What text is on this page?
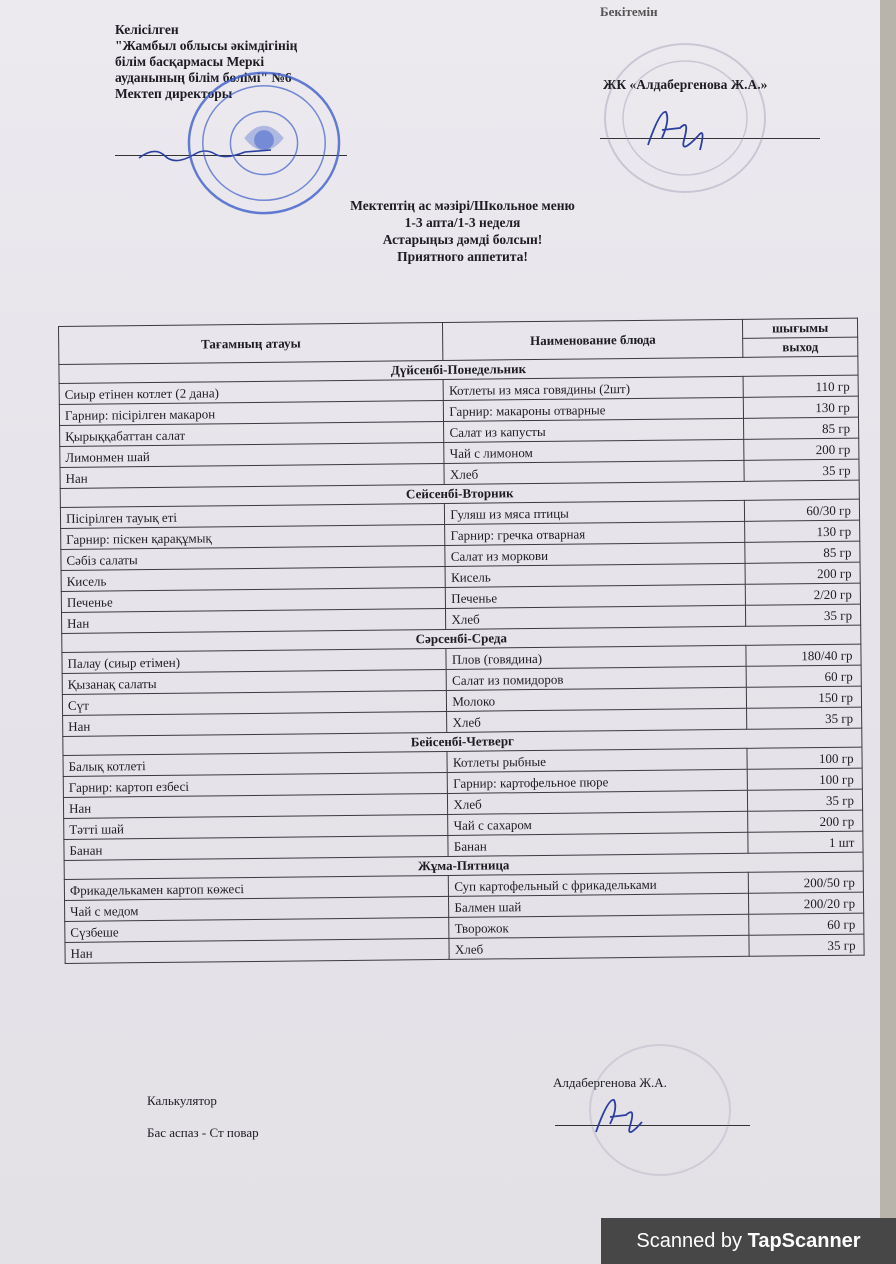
Келісілген
"Жамбыл облысы әкімдігінің
білім басқармасы Меркі
ауданының білім бөлімі" №6
Мектеп директоры
Бекітемін
ЖК «Алдабергенова Ж.А.»
Мектептің ас мәзірі/Школьное меню
1-3 апта/1-3 неделя
Астарыңыз дәмді болсын!
Приятного аппетита!
Тағамның атауы	Наименование блюда	шығымы
		выход
Дүйсенбі-Понедельник		
Сиыр етінен котлет (2 дана)	Котлеты из мяса говядины (2шт)	110 гр
Гарнир: пісірілген макарон	Гарнир: макароны отварные	130 гр
Қырыққабаттан салат	Салат из капусты	85 гр
Лимонмен шай	Чай с лимоном	200 гр
Нан	Хлеб	35 гр
Сейсенбі-Вторник		
Пісірілген тауық еті	Гуляш из мяса птицы	60/30 гр
Гарнир: піскен қарақұмық	Гарнир: гречка отварная	130 гр
Сәбіз салаты	Салат из моркови	85 гр
Кисель	Кисель	200 гр
Печенье	Печенье	2/20 гр
Нан	Хлеб	35 гр
Сәрсенбі-Среда		
Палау (сиыр етімен)	Плов (говядина)	180/40 гр
Қызанақ салаты	Салат из помидоров	60 гр
Сүт	Молоко	150 гр
Нан	Хлеб	35 гр
Бейсенбі-Четверг		
Балық котлеті	Котлеты рыбные	100 гр
Гарнир: картоп езбесі	Гарнир: картофельное пюре	100 гр
Нан	Хлеб	35 гр
Тәтті шай	Чай с сахаром	200 гр
Банан	Банан	1 шт
Жұма-Пятница		
Фрикаделькамен картоп көжесі	Суп картофельный с фрикадельками	200/50 гр
Чай с медом	Балмен шай	200/20 гр
Сүзбеше	Творожок	60 гр
Нан	Хлеб	35 гр
Калькулятор
Бас аспаз - Ст повар
Алдабергенова Ж.А.
Scanned by TapScanner
